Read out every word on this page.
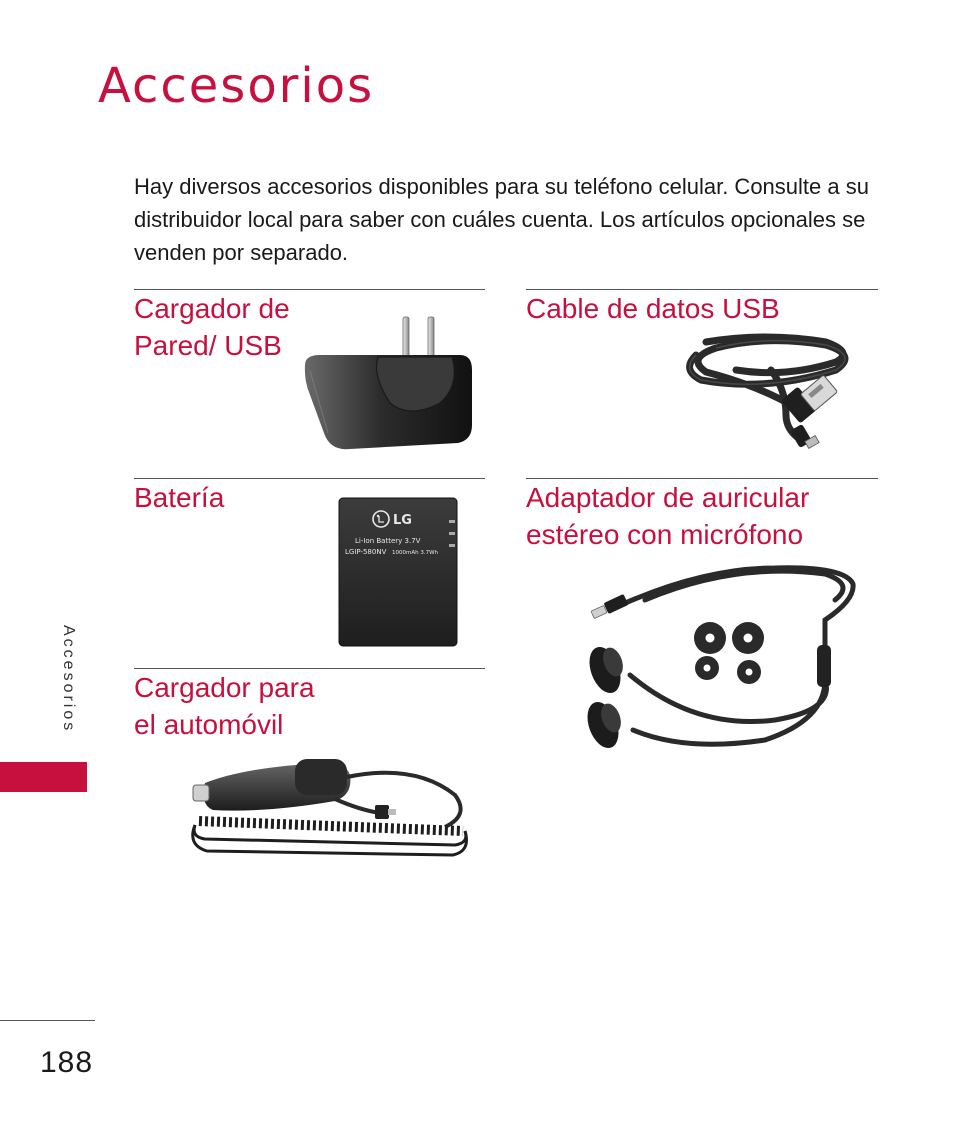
Accesorios

Hay diversos accesorios disponibles para su teléfono celular. Consulte a su distribuidor local para saber con cuáles cuenta. Los artículos opcionales se venden por separado.

Cargador de
Pared/ USB
Cable de datos USB
Batería	Adaptador de auricular
estéreo con micrófono
Cargador para
el automóvil
LG
Li-Ion Battery 3.7V
LGIP-580NV 1000mAh 3.7Wh
Accesorios
188
